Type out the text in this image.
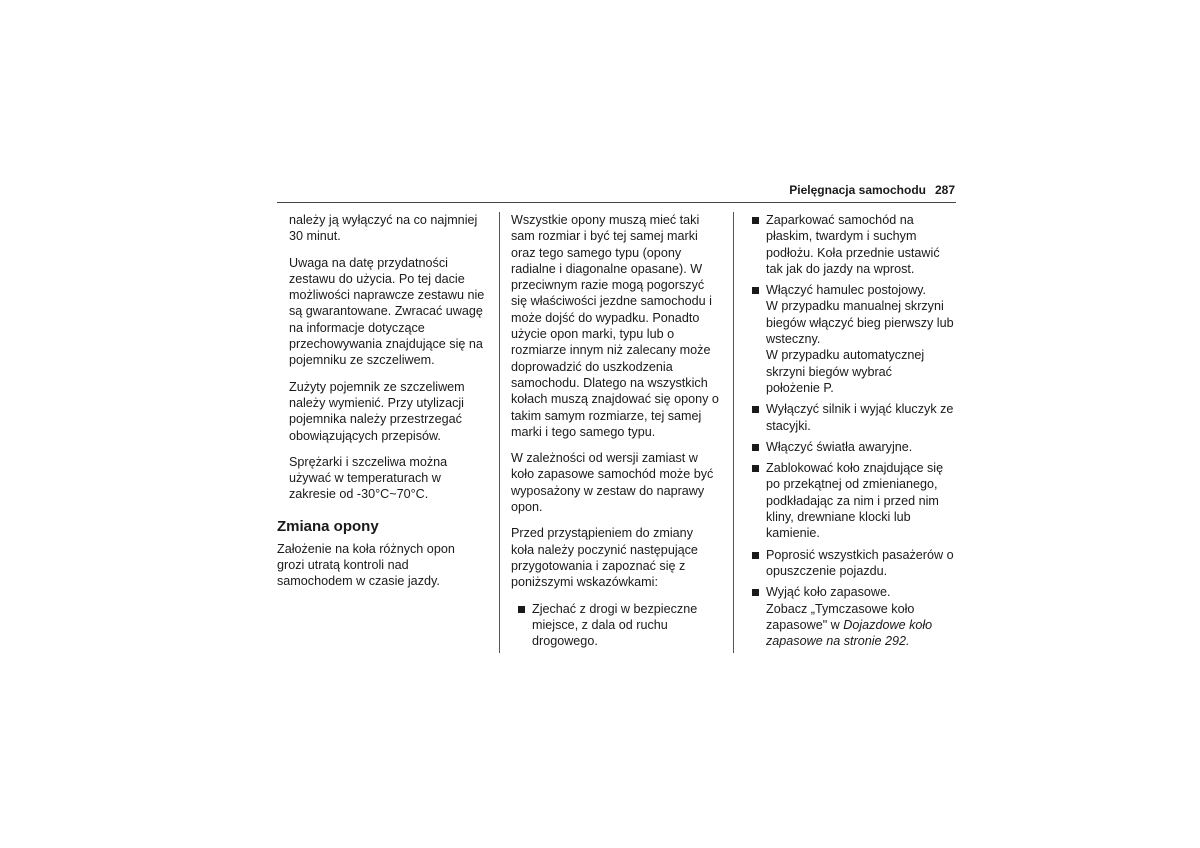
Pielęgnacja samochodu 287

należy ją wyłączyć na co najmniej
30 minut.

Uwaga na datę przydatności
zestawu do użycia. Po tej dacie
możliwości naprawcze zestawu nie
są gwarantowane. Zwracać uwagę
na informacje dotyczące
przechowywania znajdujące się na
pojemniku ze szczeliwem.

Zużyty pojemnik ze szczeliwem
należy wymienić. Przy utylizacji
pojemnika należy przestrzegać
obowiązujących przepisów.

Sprężarki i szczeliwa można
używać w temperaturach w
zakresie od -30°C~70°C.

Zmiana opony

Założenie na koła różnych opon
grozi utratą kontroli nad
samochodem w czasie jazdy.

Wszystkie opony muszą mieć taki
sam rozmiar i być tej samej marki
oraz tego samego typu (opony
radialne i diagonalne opasane). W
przeciwnym razie mogą pogorszyć
się właściwości jezdne samochodu i
może dojść do wypadku. Ponadto
użycie opon marki, typu lub o
rozmiarze innym niż zalecany może
doprowadzić do uszkodzenia
samochodu. Dlatego na wszystkich
kołach muszą znajdować się opony o
takim samym rozmiarze, tej samej
marki i tego samego typu.

W zależności od wersji zamiast w
koło zapasowe samochód może być
wyposażony w zestaw do naprawy
opon.

Przed przystąpieniem do zmiany
koła należy poczynić następujące
przygotowania i zapoznać się z
poniższymi wskazówkami:

Zjechać z drogi w bezpieczne
miejsce, z dala od ruchu
drogowego.
Zaparkować samochód na
płaskim, twardym i suchym
podłożu. Koła przednie ustawić
tak jak do jazdy na wprost.
Włączyć hamulec postojowy.
W przypadku manualnej skrzyni
biegów włączyć bieg pierwszy lub
wsteczny.
W przypadku automatycznej
skrzyni biegów wybrać
położenie P.
Wyłączyć silnik i wyjąć kluczyk ze
stacyjki.
Włączyć światła awaryjne.
Zablokować koło znajdujące się
po przekątnej od zmienianego,
podkładając za nim i przed nim
kliny, drewniane klocki lub
kamienie.
Poprosić wszystkich pasażerów o
opuszczenie pojazdu.
Wyjąć koło zapasowe.
Zobacz „Tymczasowe koło
zapasowe" w Dojazdowe koło
zapasowe na stronie 292.
